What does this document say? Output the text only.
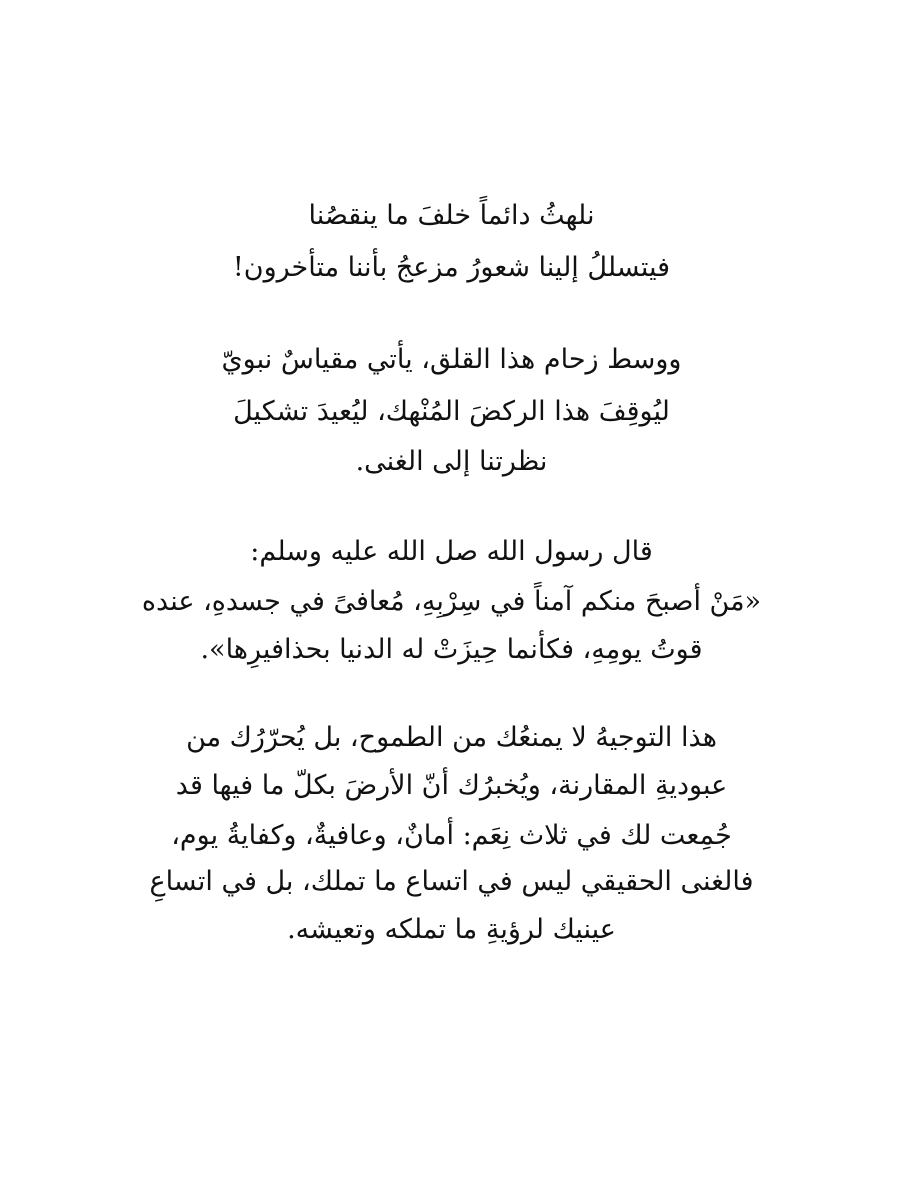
نلهثُ دائماً خلفَ ما ينقصُنا
فيتسللُ إلينا شعورُ مزعجُ بأننا متأخرون!
ووسط زحام هذا القلق، يأتي مقياسٌ نبويّ
ليُوقِفَ هذا الركضَ المُنْهك، ليُعيدَ تشكيلَ
نظرتنا إلى الغنى.
قال رسول الله صل الله عليه وسلم:
«مَنْ أصبحَ منكم آمناً في سِرْبِهِ، مُعافىً في جسدهِ، عنده
قوتُ يومِهِ، فكأنما حِيزَتْ له الدنيا بحذافيرِها».
هذا التوجيهُ لا يمنعُك من الطموح، بل يُحرّرُك من
عبوديةِ المقارنة، ويُخبرُك أنّ الأرضَ بكلّ ما فيها قد
جُمِعت لك في ثلاث نِعَم: أمانٌ، وعافيةٌ، وكفايةُ يوم،
فالغنى الحقيقي ليس في اتساع ما تملك، بل في اتساعِ
عينيك لرؤيةِ ما تملكه وتعيشه.
